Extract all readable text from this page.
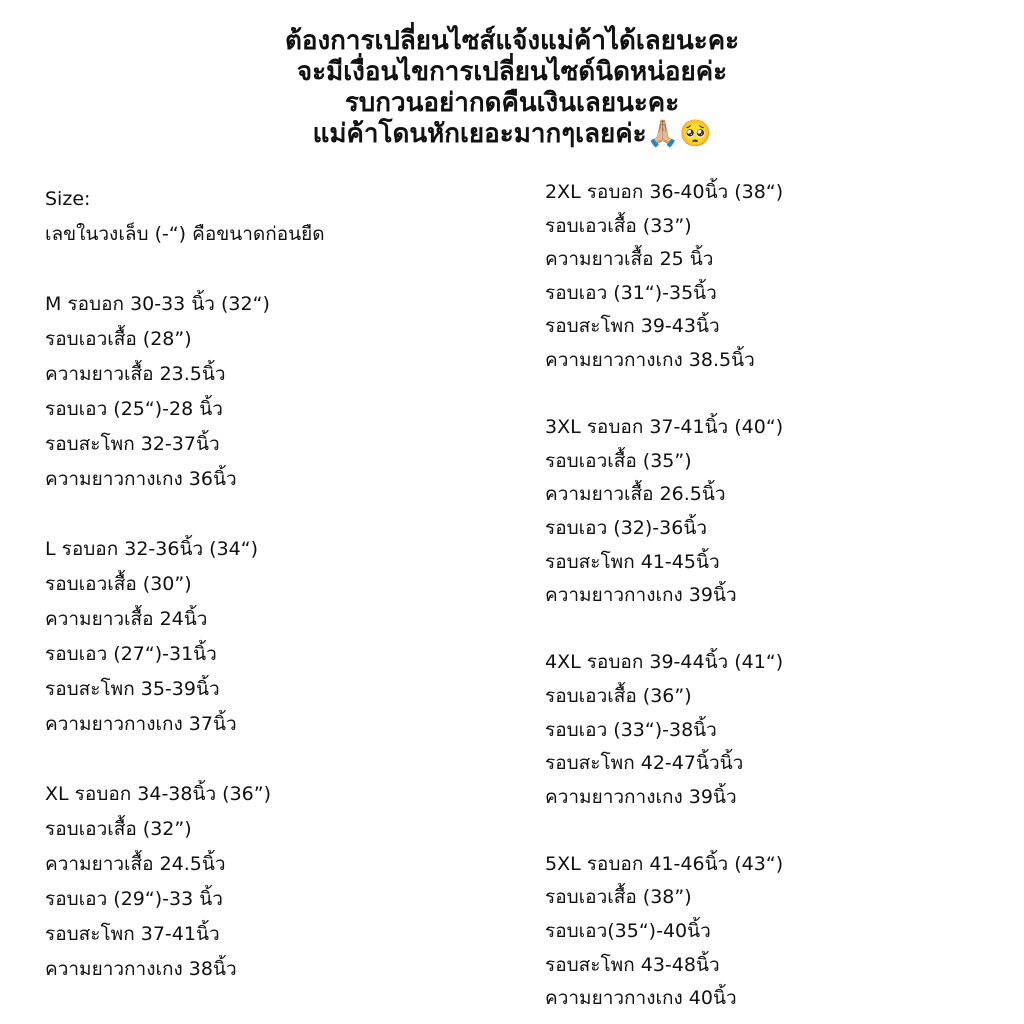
ต้องการเปลี่ยนไซส์แจ้งแม่ค้าได้เลยนะคะ
จะมีเงื่อนไขการเปลี่ยนไซด์นิดหน่อยค่ะ
รบกวนอย่ากดคืนเงินเลยนะคะ
แม่ค้าโดนหักเยอะมากๆเลยค่ะ🙏🏼🥺
Size:
เลขในวงเล็บ (-“) คือขนาดก่อนยืด
M รอบอก 30-33 นิ้ว (32“)
รอบเอวเสื้อ (28”)
ความยาวเสื้อ 23.5นิ้ว
รอบเอว (25“)-28 นิ้ว
รอบสะโพก 32-37นิ้ว
ความยาวกางเกง 36นิ้ว
L รอบอก 32-36นิ้ว (34“)
รอบเอวเสื้อ (30”)
ความยาวเสื้อ 24นิ้ว
รอบเอว (27“)-31นิ้ว
รอบสะโพก 35-39นิ้ว
ความยาวกางเกง 37นิ้ว
XL รอบอก 34-38นิ้ว (36”)
รอบเอวเสื้อ (32”)
ความยาวเสื้อ 24.5นิ้ว
รอบเอว (29“)-33 นิ้ว
รอบสะโพก 37-41นิ้ว
ความยาวกางเกง 38นิ้ว
2XL รอบอก 36-40นิ้ว (38“)
รอบเอวเสื้อ (33”)
ความยาวเสื้อ 25 นิ้ว
รอบเอว (31“)-35นิ้ว
รอบสะโพก 39-43นิ้ว
ความยาวกางเกง 38.5นิ้ว
3XL รอบอก 37-41นิ้ว (40“)
รอบเอวเสื้อ (35”)
ความยาวเสื้อ 26.5นิ้ว
รอบเอว (32)-36นิ้ว
รอบสะโพก 41-45นิ้ว
ความยาวกางเกง 39นิ้ว
4XL รอบอก 39-44นิ้ว (41“)
รอบเอวเสื้อ (36”)
รอบเอว (33“)-38นิ้ว
รอบสะโพก 42-47นิ้วนิ้ว
ความยาวกางเกง 39นิ้ว
5XL รอบอก 41-46นิ้ว (43“)
รอบเอวเสื้อ (38”)
รอบเอว(35“)-40นิ้ว
รอบสะโพก 43-48นิ้ว
ความยาวกางเกง 40นิ้ว
